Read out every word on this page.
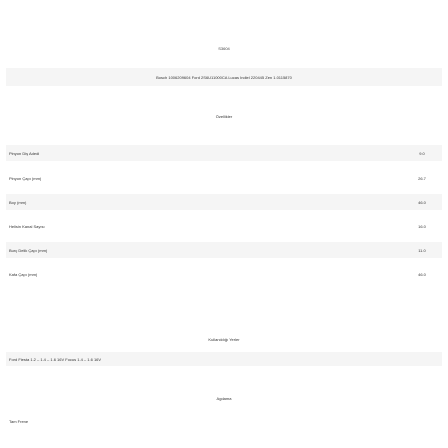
S3604
Bosch 1006209604 Ford 2S6U11000CA Lucas Indiel 220445 Zen 1.0115870
Özellikler
Pinyon Diş Adedi	9.0
Pinyon Çapı (mm)	26.7
Boy (mm)	46.0
Helisin Kanal Sayısı	16.0
Burç Delik Çapı (mm)	11.0
Kafa Çapı (mm)	46.0
Kullanıldığı Yerler
Ford Fiesta 1.2 – 1.4 – 1.6 16V Focus 1.4 – 1.6 16V
Agdama
Tam Frene
